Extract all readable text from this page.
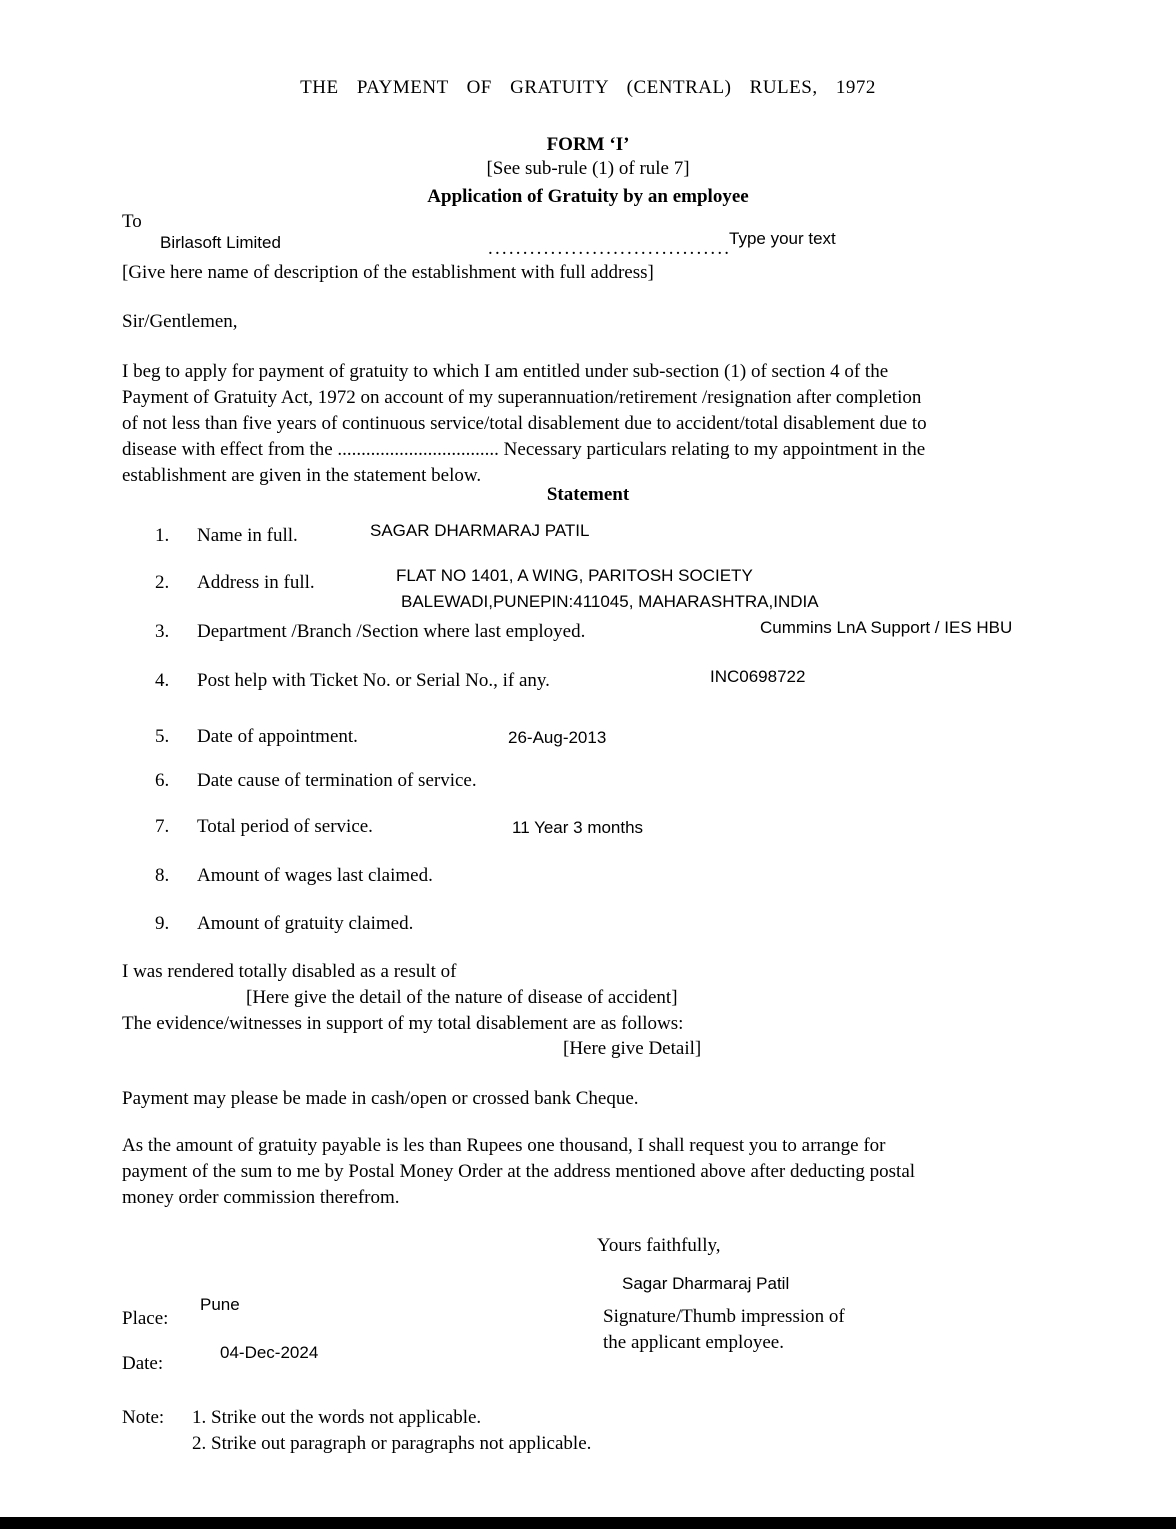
THE PAYMENT OF GRATUITY (CENTRAL) RULES, 1972
FORM ‘I’
[See sub-rule (1) of rule 7]
Application of Gratuity by an employee
To
Birlasoft Limited	...................................
Type your text
[Give here name of description of the establishment with full address]
Sir/Gentlemen,
I beg to apply for payment of gratuity to which I am entitled under sub-section (1) of section 4 of the
Payment of Gratuity Act, 1972 on account of my superannuation/retirement /resignation after completion
of not less than five years of continuous service/total disablement due to accident/total disablement due to
disease with effect from the .................................. Necessary particulars relating to my appointment in the
establishment are given in the statement below.
Statement
1. Name in full.	SAGAR DHARMARAJ PATIL
2. Address in full.	FLAT NO 1401, A WING, PARITOSH SOCIETY
BALEWADI,PUNEPIN:411045, MAHARASHTRA,INDIA
3. Department /Branch /Section where last employed.	Cummins LnA Support / IES HBU
4. Post help with Ticket No. or Serial No., if any.	INC0698722
5. Date of appointment.	26-Aug-2013
6. Date cause of termination of service.
7. Total period of service.	11 Year 3 months
8. Amount of wages last claimed.
9. Amount of gratuity claimed.
I was rendered totally disabled as a result of
[Here give the detail of the nature of disease of accident]
The evidence/witnesses in support of my total disablement are as follows:
[Here give Detail]
Payment may please be made in cash/open or crossed bank Cheque.
As the amount of gratuity payable is les than Rupees one thousand, I shall request you to arrange for
payment of the sum to me by Postal Money Order at the address mentioned above after deducting postal
money order commission therefrom.
Yours faithfully,
Sagar Dharmaraj Patil
Signature/Thumb impression of
the applicant employee.
Place:
Pune
Date:
04-Dec-2024
Note: 1. Strike out the words not applicable.
2. Strike out paragraph or paragraphs not applicable.
